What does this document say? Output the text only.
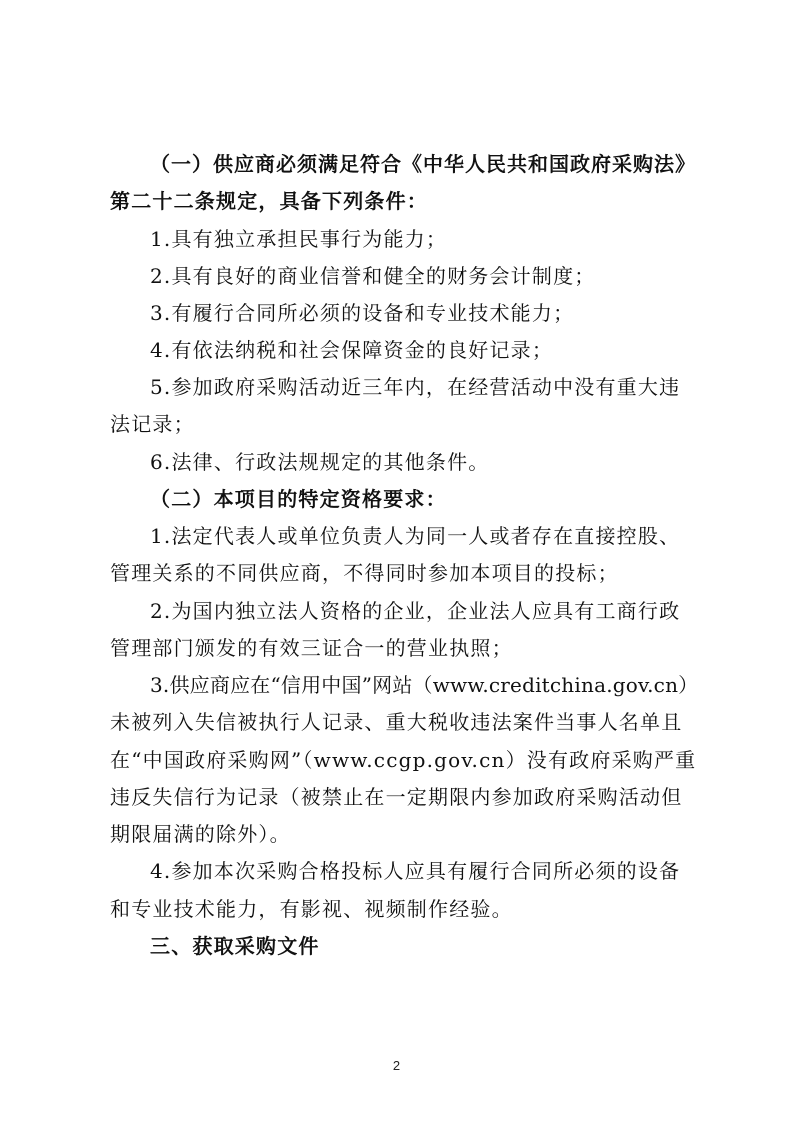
（一）供应商必须满足符合《中华人民共和国政府采购法》
第二十二条规定，具备下列条件：
1.具有独立承担民事行为能力；
2.具有良好的商业信誉和健全的财务会计制度；
3.有履行合同所必须的设备和专业技术能力；
4.有依法纳税和社会保障资金的良好记录；
5.参加政府采购活动近三年内，在经营活动中没有重大违
法记录；
6.法律、行政法规规定的其他条件。
（二）本项目的特定资格要求：
1.法定代表人或单位负责人为同一人或者存在直接控股、
管理关系的不同供应商，不得同时参加本项目的投标；
2.为国内独立法人资格的企业，企业法人应具有工商行政
管理部门颁发的有效三证合一的营业执照；
3.供应商应在“信用中国”网站（www.creditchina.gov.cn）
未被列入失信被执行人记录、重大税收违法案件当事人名单且
在“中国政府采购网”（www.ccgp.gov.cn）没有政府采购严重
违反失信行为记录（被禁止在一定期限内参加政府采购活动但
期限届满的除外）。
4.参加本次采购合格投标人应具有履行合同所必须的设备
和专业技术能力，有影视、视频制作经验。
三、获取采购文件
2
